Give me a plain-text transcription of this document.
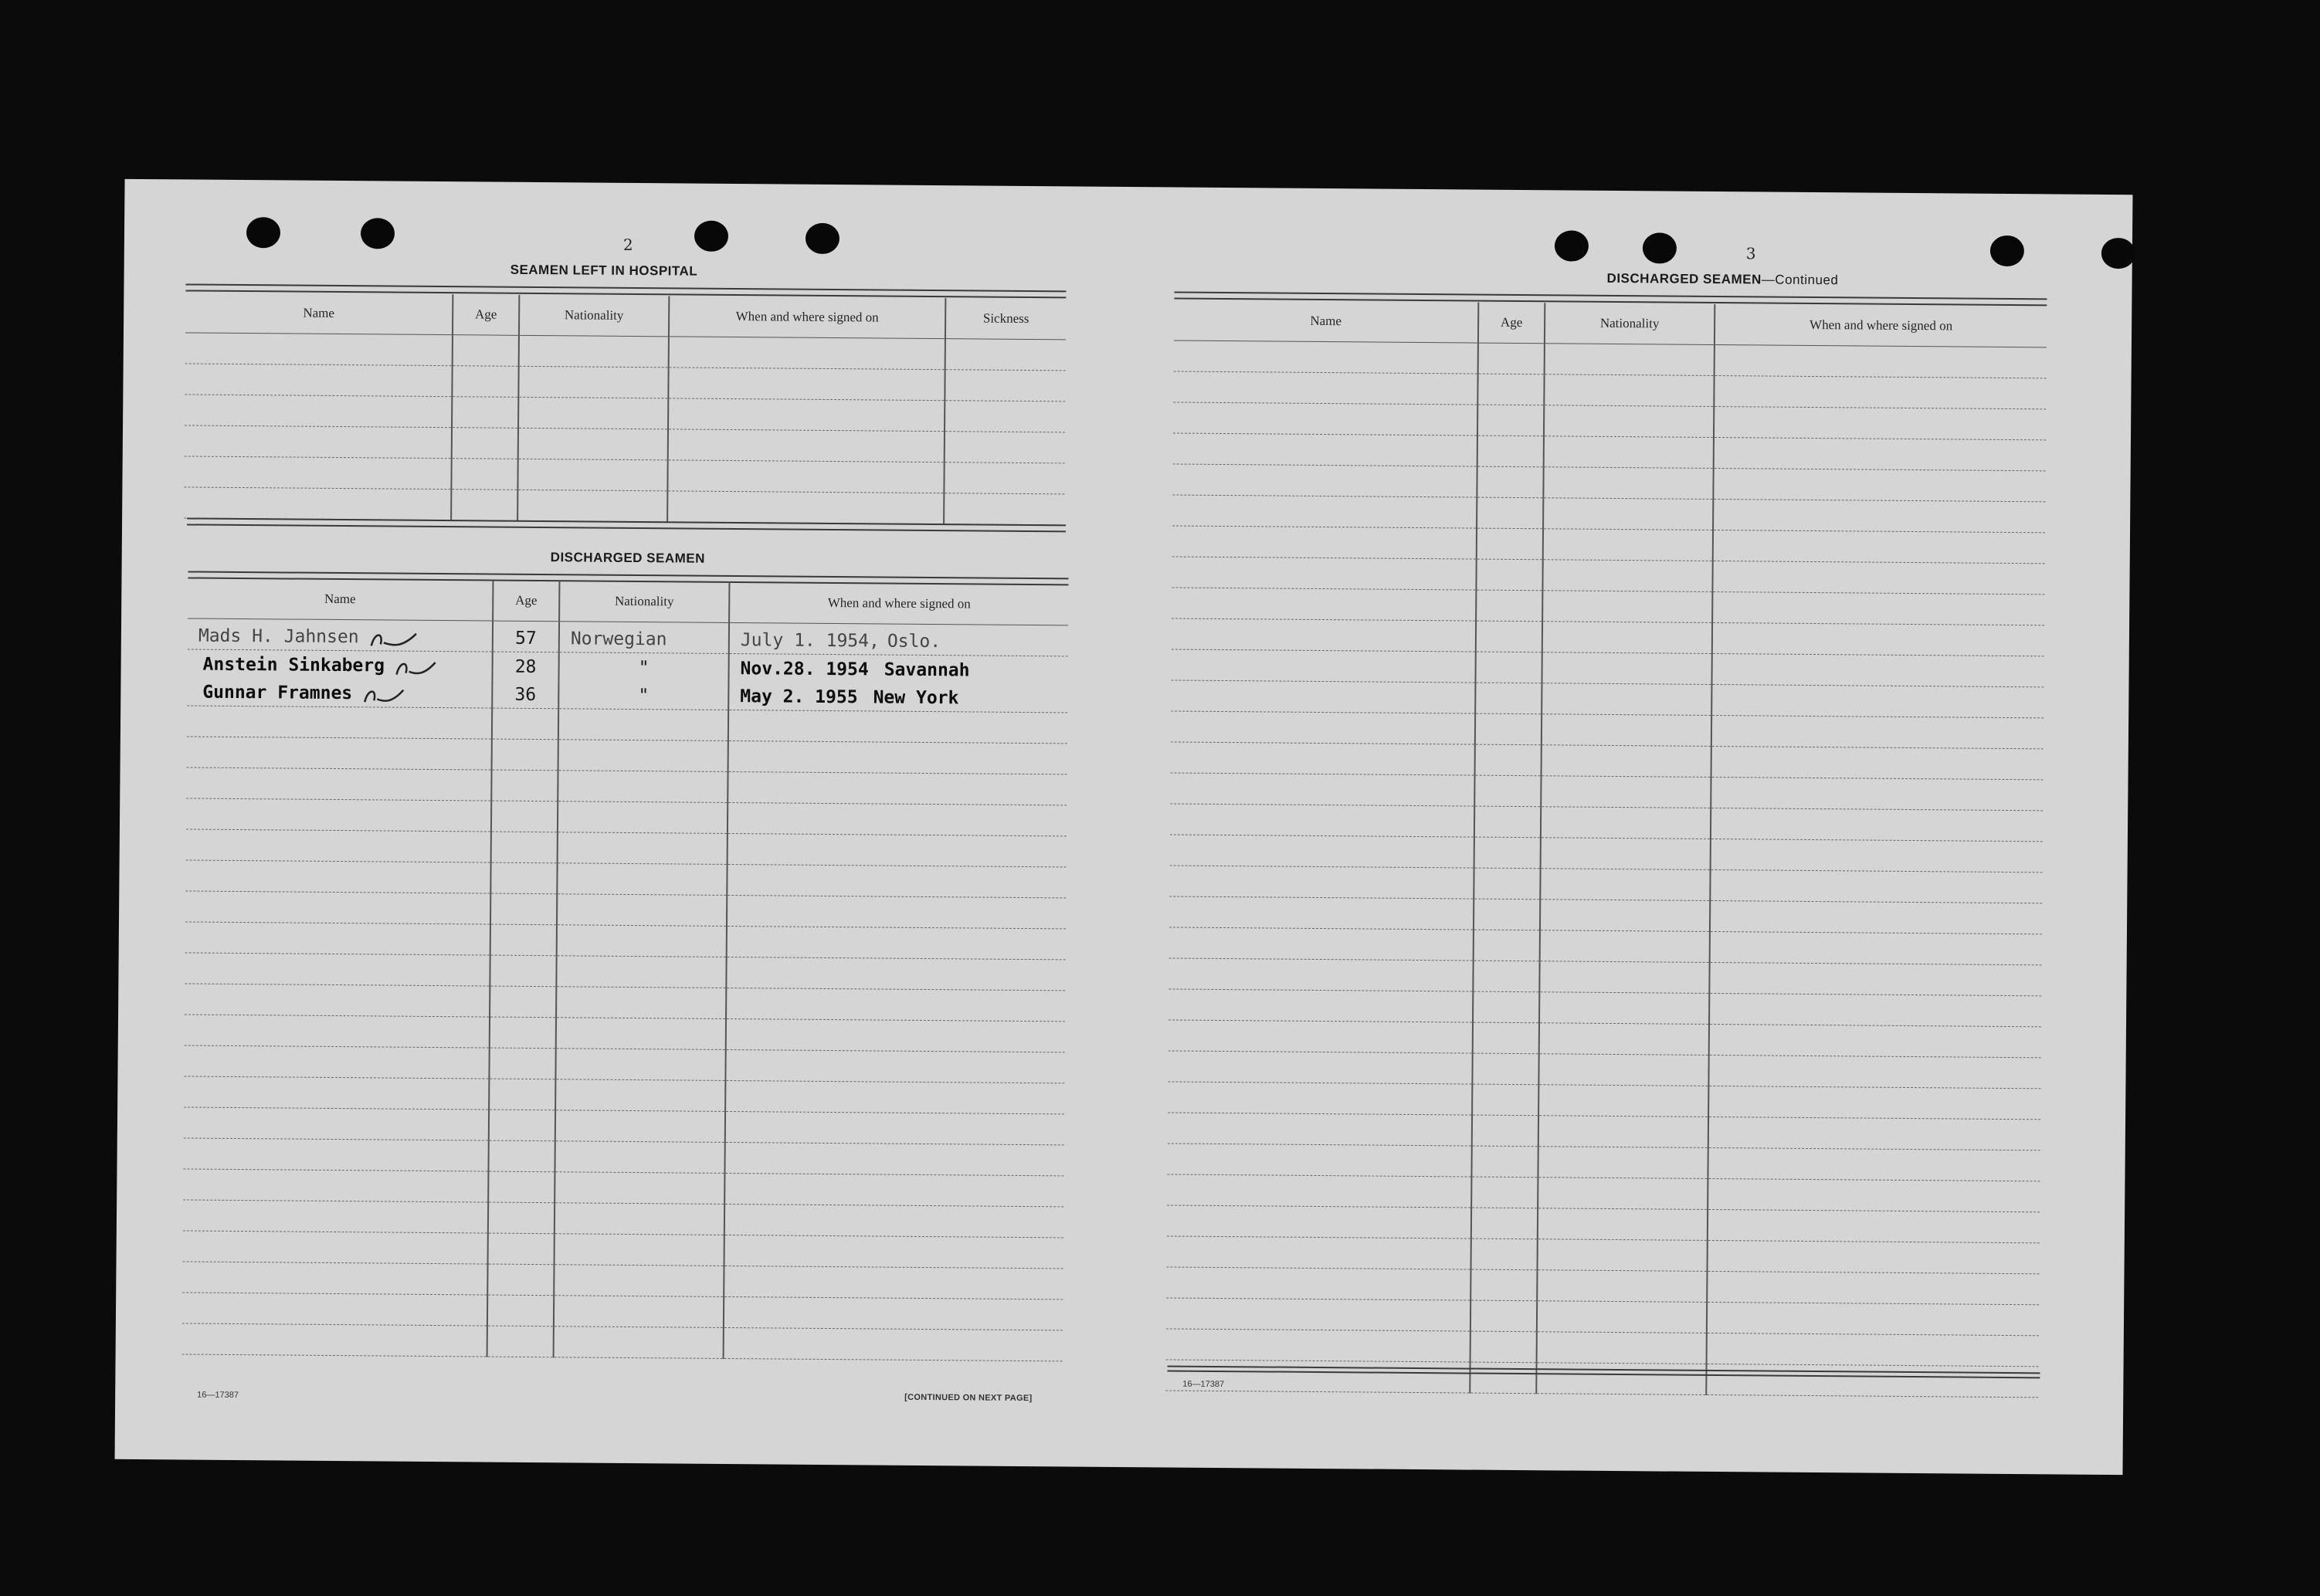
2
SEAMEN LEFT IN HOSPITAL
Name	Age	Nationality	When and where signed on	Sickness

DISCHARGED SEAMEN
Name	Age	Nationality	When and where signed on
Mads H. Jahnsen	57	Norwegian	July 1. 1954, Oslo.
Anstein Sinkaberg	28	"	Nov.28. 1954 Savannah
Gunnar Framnes	36	"	May 2. 1955 New York

16—17387	[CONTINUED ON NEXT PAGE]
3
DISCHARGED SEAMEN—Continued
Name	Age	Nationality	When and where signed on

16—17387
